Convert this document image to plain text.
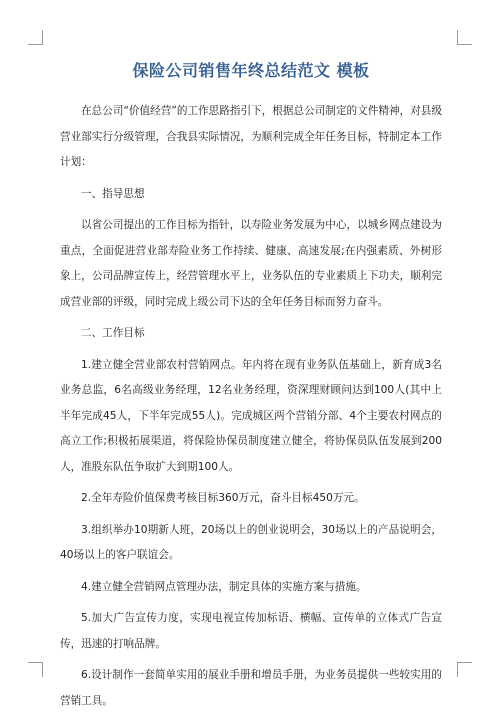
保险公司销售年终总结范文 模板

在总公司“价值经营”的工作思路指引下，根据总公司制定的文件精神，对县级营业部实行分级管理，合我县实际情况，为顺利完成全年任务目标，特制定本工作计划：

一、指导思想

以省公司提出的工作目标为指针，以寿险业务发展为中心，以城乡网点建设为重点，全面促进营业部寿险业务工作持续、健康、高速发展;在内强素质、外树形象上，公司品牌宣传上，经营管理水平上，业务队伍的专业素质上下功夫，顺利完成营业部的评级，同时完成上级公司下达的全年任务目标而努力奋斗。

二、工作目标

1.建立健全营业部农村营销网点。年内将在现有业务队伍基础上，新育成3名业务总监，6名高级业务经理，12名业务经理，资深理财顾问达到100人(其中上半年完成45人，下半年完成55人)。完成城区两个营销分部、4个主要农村网点的高立工作;积极拓展渠道，将保险协保员制度建立健全，将协保员队伍发展到200人，准股东队伍争取扩大到期100人。

2.全年寿险价值保费考核目标360万元，奋斗目标450万元。

3.组织举办10期新人班，20场以上的创业说明会，30场以上的产品说明会，40场以上的客户联谊会。

4.建立健全营销网点管理办法，制定具体的实施方案与措施。

5.加大广告宣传力度，实现电视宣传加标语、横幅、宣传单的立体式广告宣传，迅速的打响品牌。

6.设计制作一套简单实用的展业手册和增员手册，为业务员提供一些较实用的营销工具。
